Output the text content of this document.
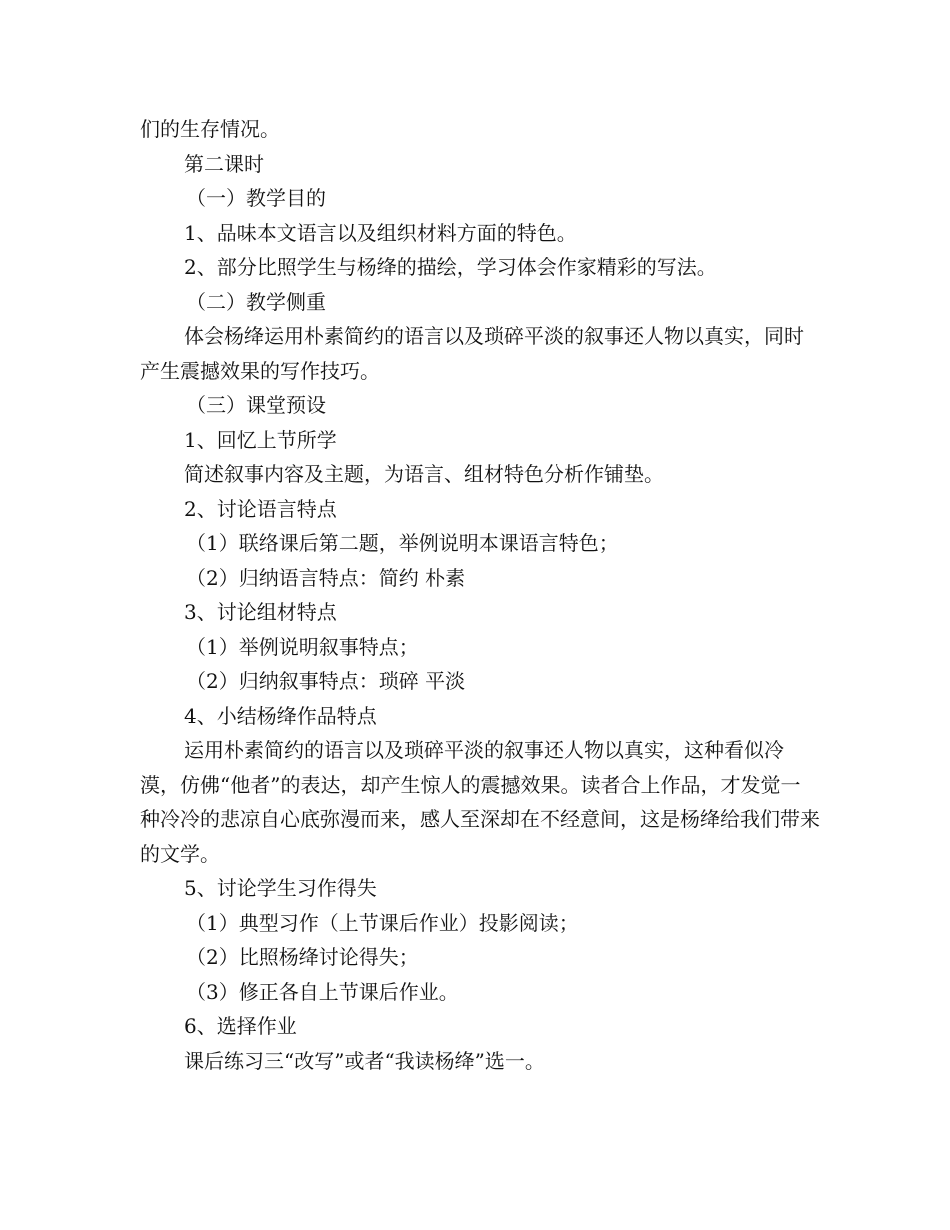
们的生存情况。

第二课时

（一）教学目的

1、品味本文语言以及组织材料方面的特色。

2、部分比照学生与杨绛的描绘，学习体会作家精彩的写法。

（二）教学侧重

体会杨绛运用朴素简约的语言以及琐碎平淡的叙事还人物以真实，同时产生震撼效果的写作技巧。

（三）课堂预设

1、回忆上节所学

简述叙事内容及主题，为语言、组材特色分析作铺垫。

2、讨论语言特点

（1）联络课后第二题，举例说明本课语言特色；

（2）归纳语言特点：简约 朴素

3、讨论组材特点

（1）举例说明叙事特点；

（2）归纳叙事特点：琐碎 平淡

4、小结杨绛作品特点

运用朴素简约的语言以及琐碎平淡的叙事还人物以真实，这种看似冷漠，仿佛“他者”的表达，却产生惊人的震撼效果。读者合上作品，才发觉一种冷冷的悲凉自心底弥漫而来，感人至深却在不经意间，这是杨绛给我们带来的文学。

5、讨论学生习作得失

（1）典型习作（上节课后作业）投影阅读；

（2）比照杨绛讨论得失；

（3）修正各自上节课后作业。

6、选择作业

课后练习三“改写”或者“我读杨绛”选一。
